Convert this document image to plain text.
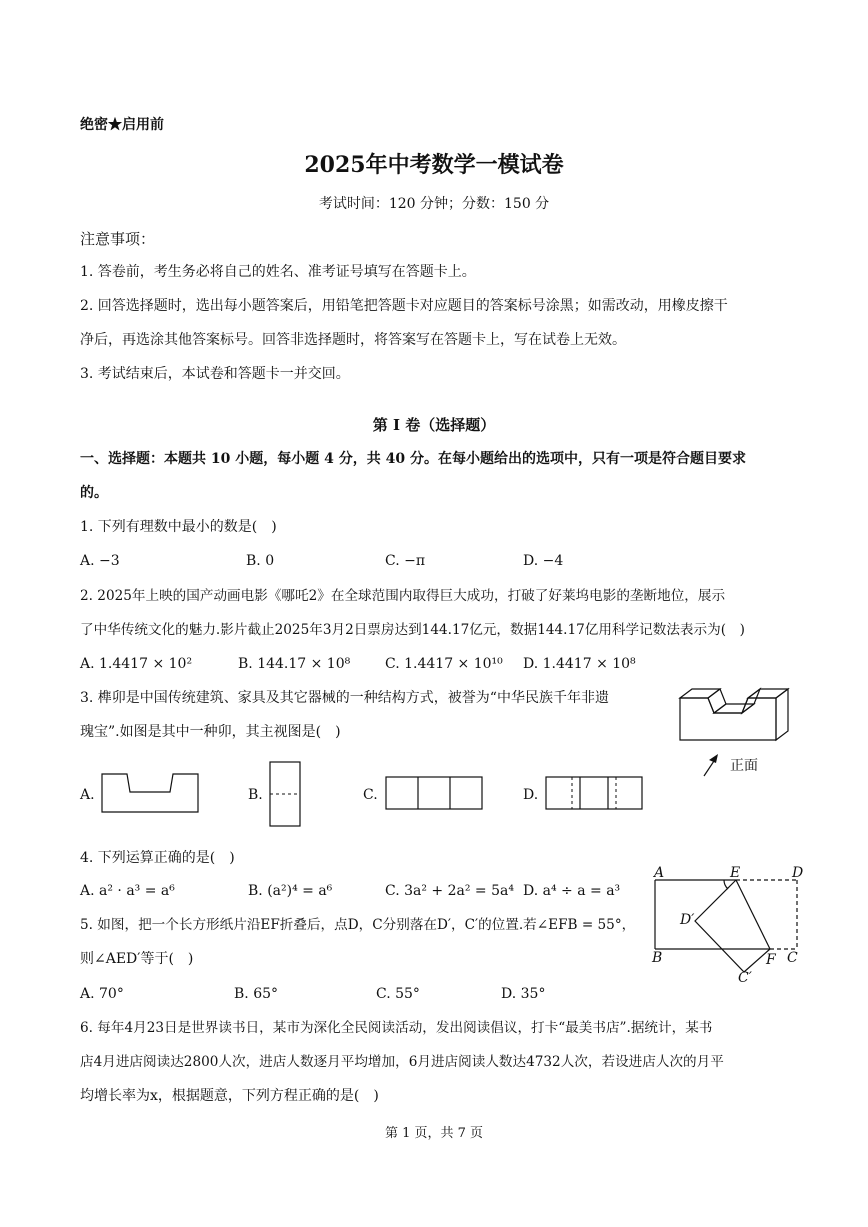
绝密★启用前
2025年中考数学一模试卷
考试时间：120 分钟；分数：150 分
注意事项：
1. 答卷前，考生务必将自己的姓名、准考证号填写在答题卡上。
2. 回答选择题时，选出每小题答案后，用铅笔把答题卡对应题目的答案标号涂黑；如需改动，用橡皮擦干
净后，再选涂其他答案标号。回答非选择题时，将答案写在答题卡上，写在试卷上无效。
3. 考试结束后，本试卷和答题卡一并交回。
第 I 卷（选择题）
一、选择题：本题共 10 小题，每小题 4 分，共 40 分。在每小题给出的选项中，只有一项是符合题目要求
的。
1. 下列有理数中最小的数是(　)
A. −3	B. 0	C. −π	D. −4
2. 2025年上映的国产动画电影《哪吒2》在全球范围内取得巨大成功，打破了好莱坞电影的垄断地位，展示
了中华传统文化的魅力.影片截止2025年3月2日票房达到144.17亿元，数据144.17亿用科学记数法表示为(　)
A. 1.4417 × 10²	B. 144.17 × 10⁸ C. 1.4417 × 10¹⁰ D. 1.4417 × 10⁸
3. 榫卯是中国传统建筑、家具及其它器械的一种结构方式，被誉为“中华民族千年非遗
瑰宝”.如图是其中一种卯，其主视图是(　)
正面
A.	B.	C.	D.
4. 下列运算正确的是(　)
A. a² · a³ = a⁶	B. (a²)⁴ = a⁶	C. 3a² + 2a² = 5a⁴ D. a⁴ ÷ a = a³
5. 如图，把一个长方形纸片沿EF折叠后，点D，C分别落在D′，C′的位置.若∠EFB = 55°，
则∠AED′等于(　)
A. 70°	B. 65°	C. 55°	D. 35°
A	E	D
D′
B	F C
C′
6. 每年4月23日是世界读书日，某市为深化全民阅读活动，发出阅读倡议，打卡“最美书店”.据统计，某书
店4月进店阅读达2800人次，进店人数逐月平均增加，6月进店阅读人数达4732人次，若设进店人次的月平
均增长率为x，根据题意，下列方程正确的是(　)
第 1 页，共 7 页
